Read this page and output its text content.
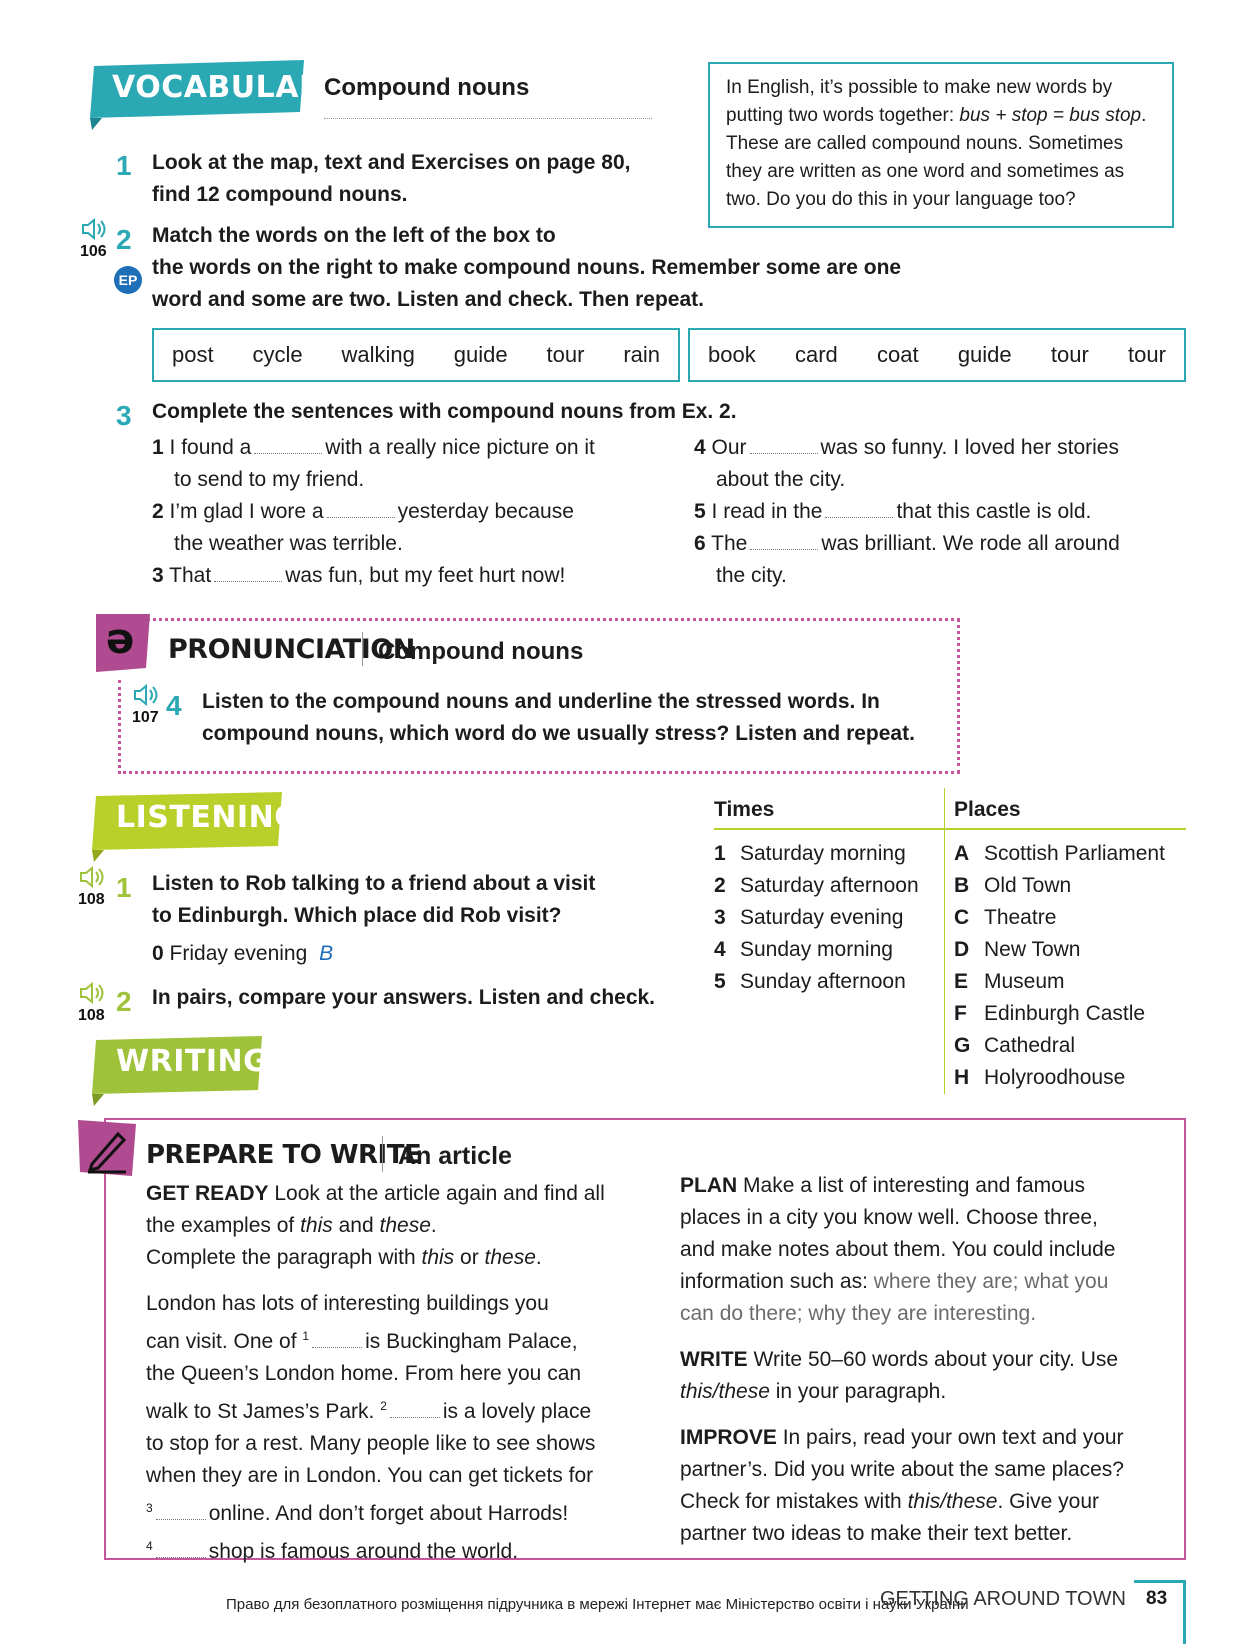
VOCABULARY
Compound nouns	In English, it’s possible to make new words by
putting two words together: bus + stop = bus stop.
These are called compound nouns. Sometimes
they are written as one word and sometimes as
two. Do you do this in your language too?
1 Look at the map, text and Exercises on page 80,
find 12 compound nouns.
106 2
EP
Match the words on the left of the box to
the words on the right to make compound nouns. Remember some are one
word and some are two. Listen and check. Then repeat.
post cycle walking guide tour rain book card coat guide tour tour
3 Complete the sentences with compound nouns from Ex. 2.
1 I found a	with a really nice picture on it
to send to my friend.
2 I’m glad I wore a	yesterday because
the weather was terrible.
3 That	was fun, but my feet hurt now!
4 Our	was so funny. I loved her stories
about the city.
5 I read in the	that this castle is old.
6 The	was brilliant. We rode all around
the city.
ə PRONUNCIATION
Compound nouns
107 4 Listen to the compound nouns and underline the stressed words. In
compound nouns, which word do we usually stress? Listen and repeat.
LISTENING
108 1 Listen to Rob talking to a friend about a visit
to Edinburgh. Which place did Rob visit?
0 Friday evening B
108 2 In pairs, compare your answers. Listen and check.
Times	Places
1 Saturday morning
2 Saturday afternoon
3 Saturday evening
4 Sunday morning
5 Sunday afternoon
A Scottish Parliament
B Old Town
C Theatre
D New Town
E Museum
F Edinburgh Castle
G Cathedral
H Holyroodhouse
WRITING
PREPARE TO WRITE
An article
GET READY Look at the article again and find all
the examples of this and these.
Complete the paragraph with this or these.
London has lots of interesting buildings you
can visit. One of $^1$	is Buckingham Palace,
the Queen’s London home. From here you can
walk to St James’s Park. $^2$	is a lovely place
to stop for a rest. Many people like to see shows
when they are in London. You can get tickets for
$^3$	online. And don’t forget about Harrods!
$^4$	shop is famous around the world.
PLAN Make a list of interesting and famous
places in a city you know well. Choose three,
and make notes about them. You could include
information such as: where they are; what you
can do there; why they are interesting.
WRITE Write 50–60 words about your city. Use
this/these in your paragraph.
IMPROVE In pairs, read your own text and your
partner’s. Did you write about the same places?
Check for mistakes with this/these. Give your
partner two ideas to make their text better.
Право для безоплатного розміщення підручника в мережі Інтернет має Міністерство освіти і науки України
GETTING AROUND TOWN 83
